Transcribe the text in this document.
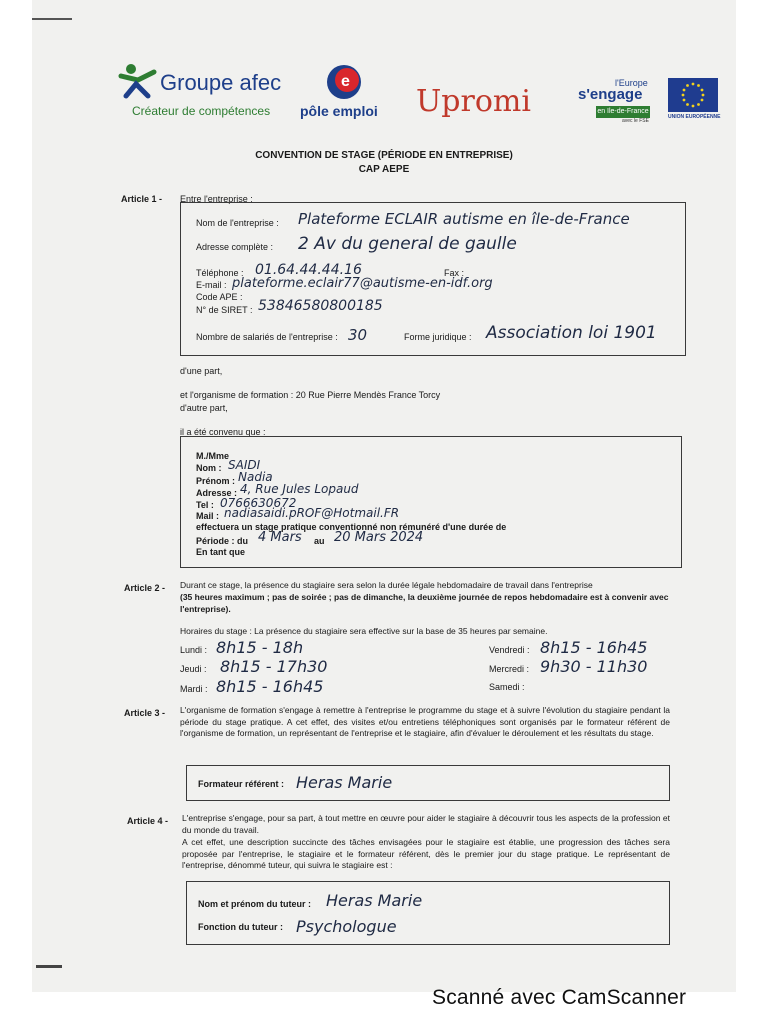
Groupe afec
Créateur de compétences
e
pôle emploi Upromi
l'Europe
s'engage
en Ile-de-France
avec le FSE
UNION EUROPÉENNE
CONVENTION DE STAGE (PÉRIODE EN ENTREPRISE)
CAP AEPE
Article 1 - Entre l'entreprise :
Nom de l'entreprise : Plateforme ECLAIR autisme en île-de-France
Adresse complète : 2 Av du general de gaulle
Téléphone : 01.64.44.44.16	Fax :
E-mail : plateforme.eclair77@autisme-en-idf.org
Code APE :
N° de SIRET : 53846580800185
Nombre de salariés de l'entreprise : 30	Forme juridique : Association loi 1901
d'une part,
et l'organisme de formation : 20 Rue Pierre Mendès France Torcy
d'autre part,
il a été convenu que :
M./Mme
Nom : SAIDI
Prénom : Nadia
Adresse : 4, Rue Jules Lopaud
Tel : 0766630672
Mail : nadiasaidi.pROF@Hotmail.FR
effectuera un stage pratique conventionné non rémunéré d'une durée de
Période : du 4 Mars au 20 Mars 2024
En tant que
Article 2 - Durant ce stage, la présence du stagiaire sera selon la durée légale hebdomadaire de travail dans l'entreprise
(35 heures maximum ; pas de soirée ; pas de dimanche, la deuxième journée de repos hebdomadaire est à convenir avec l'entreprise).
Horaires du stage : La présence du stagiaire sera effective sur la base de 35 heures par semaine.
Lundi : 8h15 - 18h
Jeudi : 8h15 - 17h30
Mardi : 8h15 - 16h45
Vendredi : 8h15 - 16h45
Mercredi : 9h30 - 11h30
Samedi :
Article 3 - L'organisme de formation s'engage à remettre à l'entreprise le programme du stage et à suivre l'évolution du stagiaire pendant la période du stage pratique. A cet effet, des visites et/ou entretiens téléphoniques sont organisés par le formateur référent de l'organisme de formation, un représentant de l'entreprise et le stagiaire, afin d'évaluer le déroulement et les résultats du stage.
Formateur référent : Heras Marie
Article 4 - L'entreprise s'engage, pour sa part, à tout mettre en œuvre pour aider le stagiaire à découvrir tous les aspects de la profession et du monde du travail.
A cet effet, une description succincte des tâches envisagées pour le stagiaire est établie, une progression des tâches sera proposée par l'entreprise, le stagiaire et le formateur référent, dès le premier jour du stage pratique. Le représentant de l'entreprise, dénommé tuteur, qui suivra le stagiaire est :
Nom et prénom du tuteur : Heras Marie
Fonction du tuteur : Psychologue
Scanné avec CamScanner
